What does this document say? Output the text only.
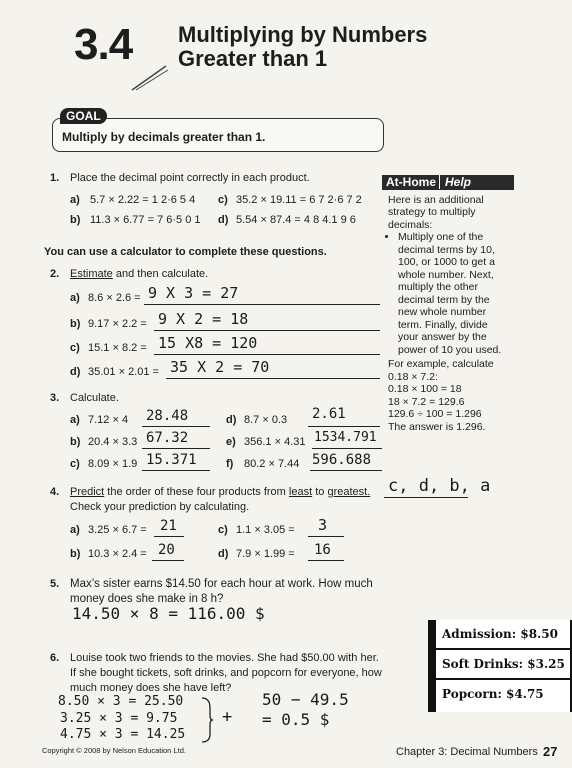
3.4 Multiplying by Numbers
Greater than 1
GOAL
Multiply by decimals greater than 1.
1. Place the decimal point correctly in each product.
a) 5.7 × 2.22 = 1 2·6 5 4 c) 35.2 × 19.11 = 6 7 2·6 7 2
b) 11.3 × 6.77 = 7 6·5 0 1 d) 5.54 × 87.4 = 4 8 4.1 9 6
You can use a calculator to complete these questions.
2. Estimate and then calculate.
a) 8.6 × 2.6 = 9 X 3 = 27
b) 9.17 × 2.2 = 9 X 2 = 18
c) 15.1 × 8.2 = 15 X8 = 120
d) 35.01 × 2.01 = 35 X 2 = 70
3. Calculate.
a) 7.12 × 4 28.48	d) 8.7 × 0.3 2.61
b) 20.4 × 3.3 67.32	e) 356.1 × 4.31 1534.791
c) 8.09 × 1.9 15.371	f) 80.2 × 7.44 596.688
4. Predict the order of these four products from least to greatest. c, d, b, a
Check your prediction by calculating.
a) 3.25 × 6.7 = 21	c) 1.1 × 3.05 = 3
b) 10.3 × 2.4 = 20	d) 7.9 × 1.99 = 16
5. Max’s sister earns $14.50 for each hour at work. How much
money does she make in 8 h?
14.50 × 8 = 116.00 $
6. Louise took two friends to the movies. She had $50.00 with her.
If she bought tickets, soft drinks, and popcorn for everyone, how
much money does she have left?
8.50 × 3 = 25.50
3.25 × 3 = 9.75
4.75 × 3 = 14.25
+
50 − 49.5
= 0.5 $
At-Home Help
Here is an additional strategy to multiply decimals:
• Multiply one of the decimal terms by 10, 100, or 1000 to get a whole number. Next, multiply the other decimal term by the new whole number term. Finally, divide your answer by the power of 10 you used.
For example, calculate
0.18 × 7.2:
0.18 × 100 = 18
18 × 7.2 = 129.6
129.6 ÷ 100 = 1.296
The answer is 1.296.
Admission: $8.50
Soft Drinks: $3.25
Popcorn: $4.75
Copyright © 2008 by Nelson Education Ltd.	Chapter 3: Decimal Numbers 27
